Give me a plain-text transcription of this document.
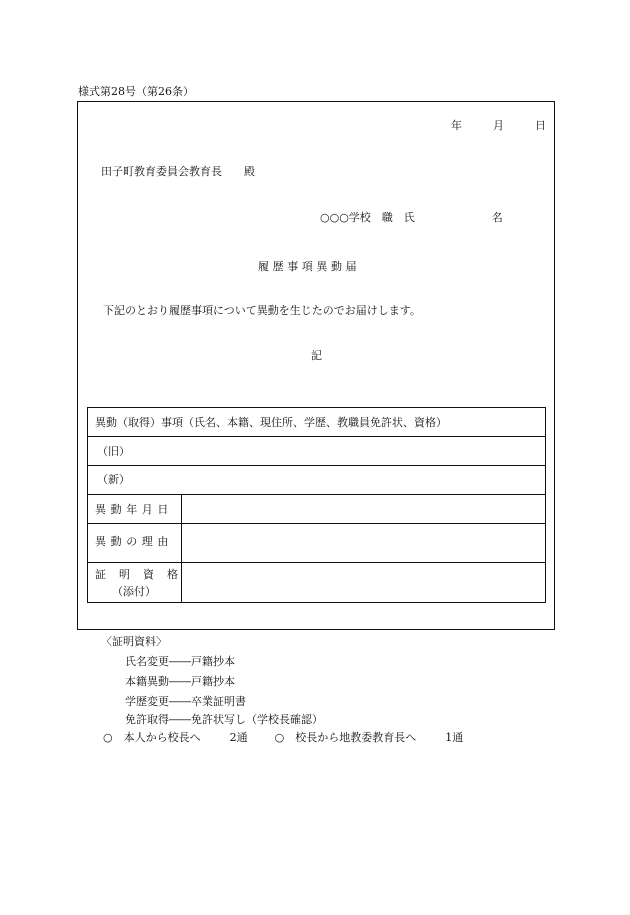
様式第28号（第26条）
年	月	日
田子町教育委員会教育長　　殿
○○○学校　職　氏　　　　　　　名
履歴事項異動届
下記のとおり履歴事項について異動を生じたのでお届けします。
記
異動（取得）事項（氏名、本籍、現住所、学歴、教職員免許状、資格）
（旧）
（新）
異動年月日
異動の理由
証明資格
（添付）
〈証明資料〉
氏名変更――戸籍抄本
本籍異動――戸籍抄本
学歴変更――卒業証明書
免許取得――免許状写し（学校長確認）
○　本人から校長へ	2通 ○　校長から地教委教育長へ	1通
